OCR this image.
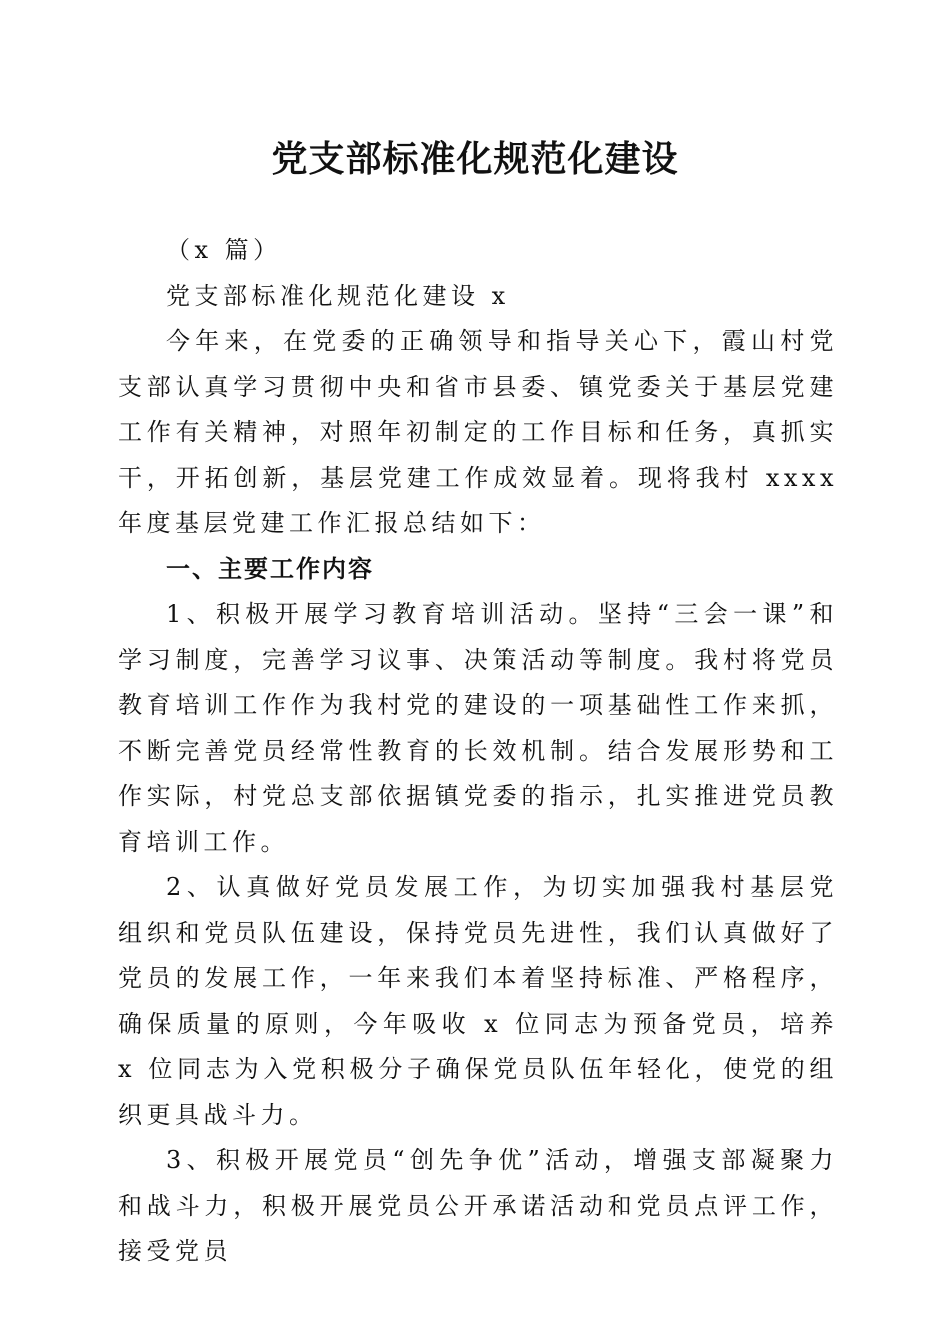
党支部标准化规范化建设

（x 篇）

党支部标准化规范化建设 x

今年来，在党委的正确领导和指导关心下，霞山村党支部认真学习贯彻中央和省市县委、镇党委关于基层党建工作有关精神，对照年初制定的工作目标和任务，真抓实干，开拓创新，基层党建工作成效显着。现将我村 xxxx 年度基层党建工作汇报总结如下：

一、主要工作内容

1、积极开展学习教育培训活动。坚持“三会一课”和学习制度，完善学习议事、决策活动等制度。我村将党员教育培训工作作为我村党的建设的一项基础性工作来抓，不断完善党员经常性教育的长效机制。结合发展形势和工作实际，村党总支部依据镇党委的指示，扎实推进党员教育培训工作。

2、认真做好党员发展工作，为切实加强我村基层党组织和党员队伍建设，保持党员先进性，我们认真做好了党员的发展工作，一年来我们本着坚持标准、严格程序，确保质量的原则，今年吸收 x 位同志为预备党员，培养 x 位同志为入党积极分子确保党员队伍年轻化，使党的组织更具战斗力。

3、积极开展党员“创先争优”活动，增强支部凝聚力和战斗力，积极开展党员公开承诺活动和党员点评工作，接受党员
